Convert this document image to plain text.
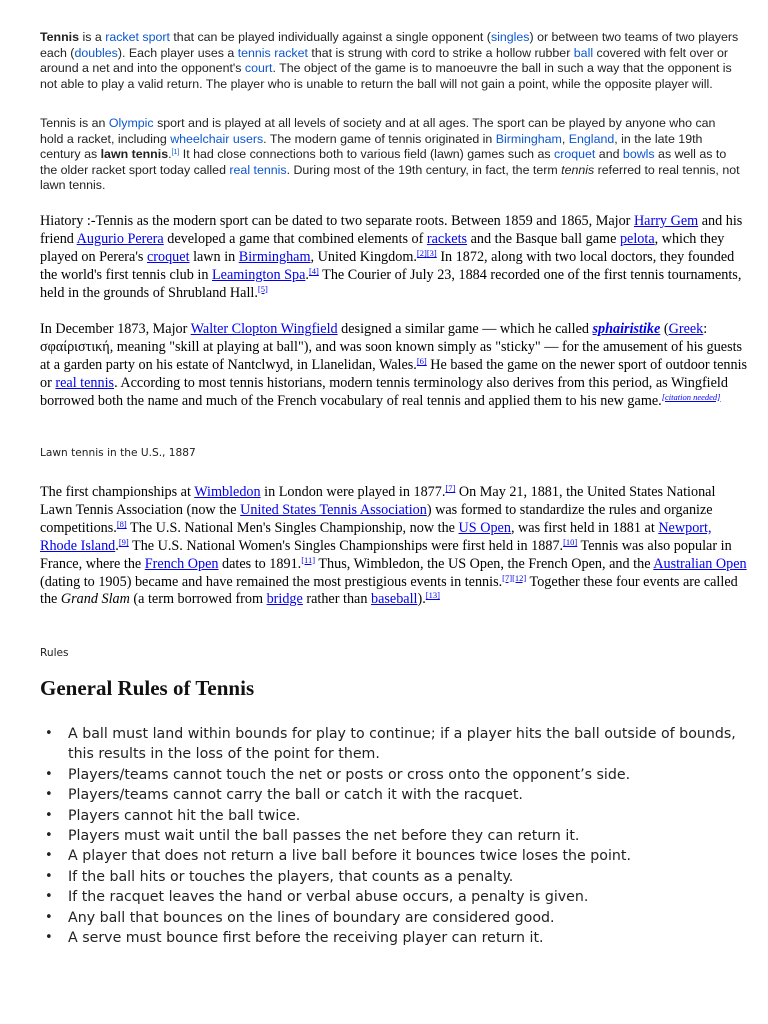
Tennis is a racket sport that can be played individually against a single opponent (singles) or between two teams of two players each (doubles). Each player uses a tennis racket that is strung with cord to strike a hollow rubber ball covered with felt over or around a net and into the opponent's court. The object of the game is to manoeuvre the ball in such a way that the opponent is not able to play a valid return. The player who is unable to return the ball will not gain a point, while the opposite player will.
Tennis is an Olympic sport and is played at all levels of society and at all ages. The sport can be played by anyone who can hold a racket, including wheelchair users. The modern game of tennis originated in Birmingham, England, in the late 19th century as lawn tennis.[1] It had close connections both to various field (lawn) games such as croquet and bowls as well as to the older racket sport today called real tennis. During most of the 19th century, in fact, the term tennis referred to real tennis, not lawn tennis.
Hiatory :-Tennis as the modern sport can be dated to two separate roots. Between 1859 and 1865, Major Harry Gem and his friend Augurio Perera developed a game that combined elements of rackets and the Basque ball game pelota, which they played on Perera's croquet lawn in Birmingham, United Kingdom.[2][3] In 1872, along with two local doctors, they founded the world's first tennis club in Leamington Spa.[4] The Courier of July 23, 1884 recorded one of the first tennis tournaments, held in the grounds of Shrubland Hall.[5]
In December 1873, Major Walter Clopton Wingfield designed a similar game — which he called sphairistike (Greek: σφαίριστική, meaning "skill at playing at ball"), and was soon known simply as "sticky" — for the amusement of his guests at a garden party on his estate of Nantclwyd, in Llanelidan, Wales.[6] He based the game on the newer sport of outdoor tennis or real tennis. According to most tennis historians, modern tennis terminology also derives from this period, as Wingfield borrowed both the name and much of the French vocabulary of real tennis and applied them to his new game.[citation needed]
Lawn tennis in the U.S., 1887
The first championships at Wimbledon in London were played in 1877.[7] On May 21, 1881, the United States National Lawn Tennis Association (now the United States Tennis Association) was formed to standardize the rules and organize competitions.[8] The U.S. National Men's Singles Championship, now the US Open, was first held in 1881 at Newport, Rhode Island.[9] The U.S. National Women's Singles Championships were first held in 1887.[10] Tennis was also popular in France, where the French Open dates to 1891.[11] Thus, Wimbledon, the US Open, the French Open, and the Australian Open (dating to 1905) became and have remained the most prestigious events in tennis.[7][12] Together these four events are called the Grand Slam (a term borrowed from bridge rather than baseball).[13]
Rules
General Rules of Tennis
• A ball must land within bounds for play to continue; if a player hits the ball outside of bounds, this results in the loss of the point for them.
• Players/teams cannot touch the net or posts or cross onto the opponent’s side.
• Players/teams cannot carry the ball or catch it with the racquet.
• Players cannot hit the ball twice.
• Players must wait until the ball passes the net before they can return it.
• A player that does not return a live ball before it bounces twice loses the point.
• If the ball hits or touches the players, that counts as a penalty.
• If the racquet leaves the hand or verbal abuse occurs, a penalty is given.
• Any ball that bounces on the lines of boundary are considered good.
• A serve must bounce first before the receiving player can return it.
